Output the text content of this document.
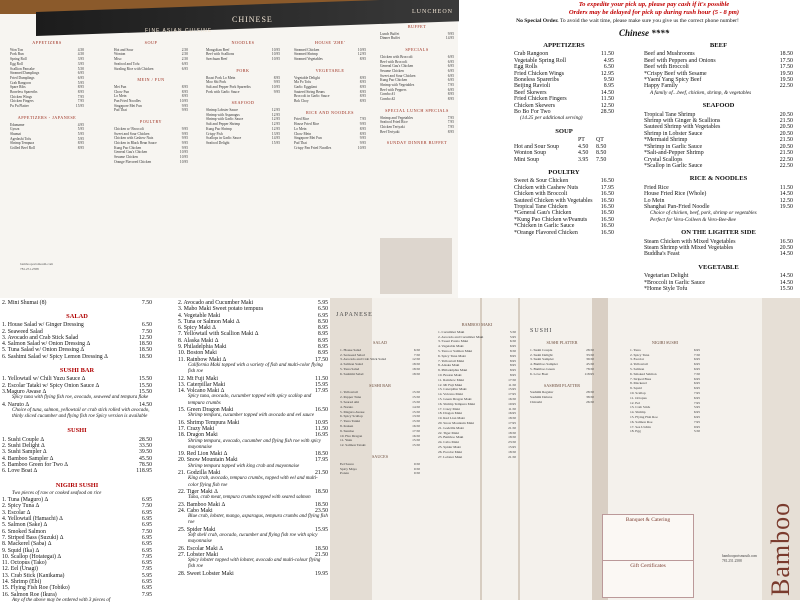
FINE ASIAN CUISINE
CHINESE
LUNCHEON
APPETIZERS
Won Ton	4.50
Pork Bun	4.50
Spring Roll	3.95
Egg Roll	3.95
Scallion Pancake	5.50
Steamed Dumplings	6.95
Fried Dumplings	6.95
Crab Rangoon	5.95
Spare Ribs	8.95
Boneless Spareribs	8.95
Chicken Wings	7.95
Chicken Fingers	7.95
Pu Pu Platter	15.95
APPETIZERS - JAPANESE
Edamame	4.95
Gyoza	5.95
Shumai	5.95
Agedashi Tofu	5.95
Shrimp Tempura	8.95
Grilled Beef Roll	8.95
SOUP
Hot and Sour	2.50
Wonton	2.50
Miso	2.50
Seafood and Tofu	6.95
Sizzling Rice with Chicken	6.95
MEIN / FUN
Mei Fun	8.95
Chow Fun	8.95
Lo Mein	8.95
Pan Fried Noodles	10.95
Singapore Mei Fun	9.95
Pad Thai	9.95
POULTRY
Chicken w/ Broccoli	9.95
Sweet and Sour Chicken	9.95
Chicken with Cashew Nuts	9.95
Chicken in Black Bean Sauce	9.95
Kung Pao Chicken	9.95
General Gau's Chicken	10.95
Sesame Chicken	10.95
Orange Flavored Chicken	10.95
NOODLES
Mongolian Beef	10.95
Beef with Scallions	10.95
Szechuan Beef	10.95
PORK
Roast Pork Lo Mein	8.95
Moo Shi Pork	9.95
Salt and Pepper Pork Spareribs	10.95
Pork with Garlic Sauce	9.95
SEAFOOD
Shrimp Lobster Sauce	12.95
Shrimp with Asparagus	12.95
Shrimp with Garlic Sauce	12.95
Salt and Pepper Shrimp	12.95
Kung Pao Shrimp	12.95
Crispy Fish	13.95
Scallops in Garlic Sauce	14.95
Seafood Delight	15.95
HOUSE 'ZHE'
Steamed Chicken	10.95
Steamed Shrimp	12.95
Steamed Vegetables	8.95
VEGETABLE
Vegetable Delight	8.95
Ma Po Tofu	8.95
Garlic Eggplant	8.95
Sauteed String Beans	8.95
Broccoli in Garlic Sauce	8.95
Bok Choy	8.95
RICE AND NOODLES
Fried Rice	7.95
House Fried Rice	9.95
Lo Mein	8.95
Chow Mein	8.95
Singapore Mei Fun	9.95
Pad Thai	9.95
Crispy Pan Fried Noodles	10.95
BUFFET
Lunch Buffet	9.95
Dinner Buffet	14.95
SPECIALS
Chicken with Broccoli	6.95
Beef with Broccoli	6.95
General Gau's Chicken	6.95
Sesame Chicken	6.95
Sweet and Sour Chicken	6.95
Kung Pao Chicken	6.95
Shrimp with Vegetables	7.95
Beef with Peppers	6.95
Combo #1	8.95
Combo #2	8.95
SPECIAL LUNCH SPECIALS
Shrimp and Vegetables	7.95
Seafood Fried Rice	7.95
Chicken Teriyaki	7.95
Beef Teriyaki	8.95
SUNDAY DINNER BUFFET
bambooportsmouth.com
781.251.2588
To expedite your pick up, please pay cash if it's possible
Orders may be delayed for pick up during rush hour (5 - 8 pm)
No Special Order. To avoid the wait time, please make sure you give us the correct phone number!
Chinese ****
APPETIZERS
Crab Rangoon	11.50
Vegetable Spring Roll	4.95
Egg Rolls	6.50
Fried Chicken Wings	12.95
Boneless Spareribs	9.50
Beijing Ravioli	8.95
Beef Skewers	14.50
Fried Chicken Fingers	11.50
Chicken Skewers	12.50
Bo Bo For Two	28.50
(14.25 per additional serving)
SOUP
PT	QT
Hot and Sour Soup	4.50	8.50
Wonton Soup	4.50	8.50
Mini Soup	3.95	7.50
POULTRY
Sweet & Sour Chicken	16.50
Chicken with Cashew Nuts	17.95
Chicken with Broccoli	16.50
Sauteed Chicken with Vegetables 16.50
Tropical Tane Chicken	16.50
*General Gau's Chicken	16.50
*Kung Pao Chicken w/Peanuts 16.50
*Chicken in Garlic Sauce	16.50
*Orange Flavored Chicken	16.50
BEEF
Beef and Mushrooms	18.50
Beef with Peppers and Onions	17.50
Beef with Broccoli	17.50
*Crispy Beef with Sesame	19.50
*Yaeni Yang Spicy Beef	19.50
Happy Family	22.50
A family of…beef, chicken, shrimp, & vegetables
SEAFOOD
Tropical Tane Shrimp	20.50
Shrimp with Ginger & Scallions	21.50
Sauteed Shrimp with Vegetables	20.50
Shrimp in Lobster Sauce	20.50
*Mermaid Shrimp	21.50
*Shrimp in Garlic Sauce	20.50
*Salt-and-Pepper Shrimp	21.50
Crystal Scallops	22.50
*Scallop in Garlic Sauce	22.50
RICE & NOODLES
Fried Rice	11.50
House Fried Rice (Whole)	14.50
Lo Mein	12.50
Shanghai Pan-Fried Noodle	19.50
Choice of chicken, beef, pork, shrimp or vegetables
Perfect for Vera-Colleen & Vero-Bee-Bee
ON THE LIGHTER SIDE
Steam Chicken with Mixed Vegetables	16.50
Steam Shrimp with Mixed Vegetables	20.50
Buddha's Feast	14.50
VEGETABLE
Vegetarian Delight	14.50
*Broccoli in Garlic Sauce	14.50
*Home Style Tofu	15.50
2. Mini Shumai (8)	7.50
SALAD
1. House Salad w/ Ginger Dressing	6.50
2. Seaweed Salad	7.50
3. Avocado and Crab Stick Salad	12.50
4. Salmon Salad w/ Onion Dressing Δ	18.50
5. Tuna Salad w/ Onion Dressing Δ	18.50
6. Sashimi Salad w/ Spicy Lemon Dressing Δ	18.50
SUSHI BAR
1. Yellowtail w/ Chili Yuzu Sauce Δ	15.50
2. Escolar Tataki w/ Spicy Onion Sauce Δ	15.50
3.Maguro Awase Δ	15.50
Spicy tuna with flying fish roe, avocado, seaweed and tempura flake
4. Naruto Δ	14.50
Choice of tuna, salmon, yellowtail or crab stick rolled with avocado, thinly sliced cucumber and flying fish roe Spicy version is available
SUSHI
1. Sushi Couple Δ	28.50
2. Sushi Delight Δ	33.50
3. Sushi Sampler Δ	39.50
4. Bamboo Sampler Δ	45.50
5. Bamboo Green for Two Δ	78.50
6. Love Boat Δ	118.95
NIGIRI SUSHI
Two pieces of raw or cooked seafood on rice
1. Tuna (Maguro) Δ	6.95
2. Spicy Tuna Δ	7.50
3. Escolar Δ	6.95
4. Yellowtail (Hamachi) Δ	6.95
5. Salmon (Sake) Δ	6.95
6. Smoked Salmon	7.50
7. Striped Bass (Suzuki) Δ	6.95
8. Mackerel (Saba) Δ	6.95
9. Squid (Ika) Δ	6.95
10. Scallop (Hotategai) Δ	7.95
11. Octopus (Tako)	6.95
12. Eel (Unagi)	7.95
13. Crab Stick (Kanikama)	5.95
14. Shrimp (Ebi)	6.95
15. Flying Fish Roe (Tobiko)	6.95
16. Salmon Roe (Ikura)	7.95
Any of the above may be ordered with 3 pieces of
2. Avocado and Cucumber Maki	5.95
3. Mabo Maki Sweet potato tempura	6.50
4. Vegetable Maki	6.95
5. Tuna or Salmon Maki Δ	8.50
6. Spicy Maki Δ	8.95
7. Yellowtail with Scallion Maki Δ	8.95
8. Alaska Maki Δ	8.95
9. Philadelphia Maki	8.95
10. Boston Maki	8.95
11. Rainbow Maki Δ	17.50
California Maki topped with a variety of fish and multi-color flying fish roe
12. Mt Fuji Maki	11.50
13. Caterpillar Maki	15.95
14. Volcano Maki Δ	17.95
Spicy tuna, avocado, cucumber topped with spicy scallop and tempura crumbs
15. Green Dragon Maki	16.50
Shrimp tempura, cucumber topped with avocado and eel sauce
16. Shrimp Tempura Maki	10.95
17. Crazy Maki	11.50
18. Dragon Maki	16.95
Shrimp tempura, avocado, cucumber and flying fish roe with spicy mayonnaise
19. Red Lion Maki Δ	18.50
20. Snow Mountain Maki	17.95
Shrimp tempura topped with king crab and mayonnaise
21. Godzilla Maki	21.50
King crab, avocado, tempura crumbs, topped with eel and multi-color flying fish roe
22. Tiger Maki Δ	18.50
Tuna, crab meat, tempura crumbs topped with seared salmon
23. Bamboo Maki Δ	18.50
24. Cabo Maki	23.50
Blue crab, lobster, mango, asparagus, tempura crumbs and flying fish roe
25. Spider Maki	15.95
Soft shell crab, avocado, cucumber and flying fish roe with spicy mayonnaise
26. Escolar Maki Δ	18.50
27. Lobster Maki	21.50
Spicy lobster topped with lobster, avocado and multi-colour flying fish roe
28. Sweet Lobster Maki	19.95
JAPANESE
SUSHI
SALAD
1. House Salad	6.50
2. Seaweed Salad	7.50
3. Avocado and Crab Stick Salad	12.50
4. Salmon Salad	18.50
5. Tuna Salad	18.50
6. Sashimi Salad	18.50
SUSHI BAR
1. Yellowtail	15.50
2. Pepper Tuna	15.50
3. Seared Ahi	15.50
4. Naruto	14.50
5. Maguro Awase	15.50
6. Spicy Scallop	13.50
7. Tuna Tataki	15.50
8. Kaisen	16.50
9. Sunrise	17.50
10. Fire Dragon	16.50
11. Yuzu	15.50
12. Salmon Tataki	15.50
SAUCES
Eel Sauce	0.50
Spicy Mayo	0.50
Ponzu	0.50
BAMBOO MAKI
1. Cucumber Maki	5.50
2. Avocado and Cucumber Maki	5.95
3. Sweet Potato Maki	6.50
4. Vegetable Maki	6.95
5. Tuna or Salmon Maki	8.50
6. Spicy Tuna Maki	8.95
7. Yellowtail Maki	8.95
8. Alaska Maki	8.95
9. Philadelphia Maki	8.95
10. Boston Maki	8.95
11. Rainbow Maki	17.50
12. Mt Fuji Maki	11.50
13. Caterpillar Maki	15.95
14. Volcano Maki	17.95
15. Green Dragon Maki	16.50
16. Shrimp Tempura Maki	10.95
17. Crazy Maki	11.50
18. Dragon Maki	16.95
19. Red Lion Maki	18.50
20. Snow Mountain Maki	17.95
21. Godzilla Maki	21.50
22. Tiger Maki	18.50
23. Bamboo Maki	18.50
24. Cabo Maki	23.50
25. Spider Maki	15.95
26. Escolar Maki	18.50
27. Lobster Maki	21.50
SUSHI PLATTER
1. Sushi Couple	28.50
2. Sushi Delight	33.50
3. Sushi Sampler	39.50
4. Bamboo Sampler	45.50
5. Bamboo Green	78.50
6. Love Boat	118.95
SASHIMI PLATTER
Sashimi Regular	28.50
Sashimi Deluxe	38.50
Chirashi	26.50
NIGIRI SUSHI
1. Tuna	6.95
2. Spicy Tuna	7.50
3. Escolar	6.95
4. Yellowtail	6.95
5. Salmon	6.95
6. Smoked Salmon	7.50
7. Striped Bass	6.95
8. Mackerel	6.95
9. Squid	6.95
10. Scallop	7.95
11. Octopus	6.95
12. Eel	7.95
13. Crab Stick	5.95
14. Shrimp	6.95
15. Flying Fish Roe	6.95
16. Salmon Roe	7.95
17. Sea Urchin	9.95
18. Egg	5.50
Banquet & Catering
Gift Certificates
bambooportsmouth.com
781.251.2588 Bamboo
